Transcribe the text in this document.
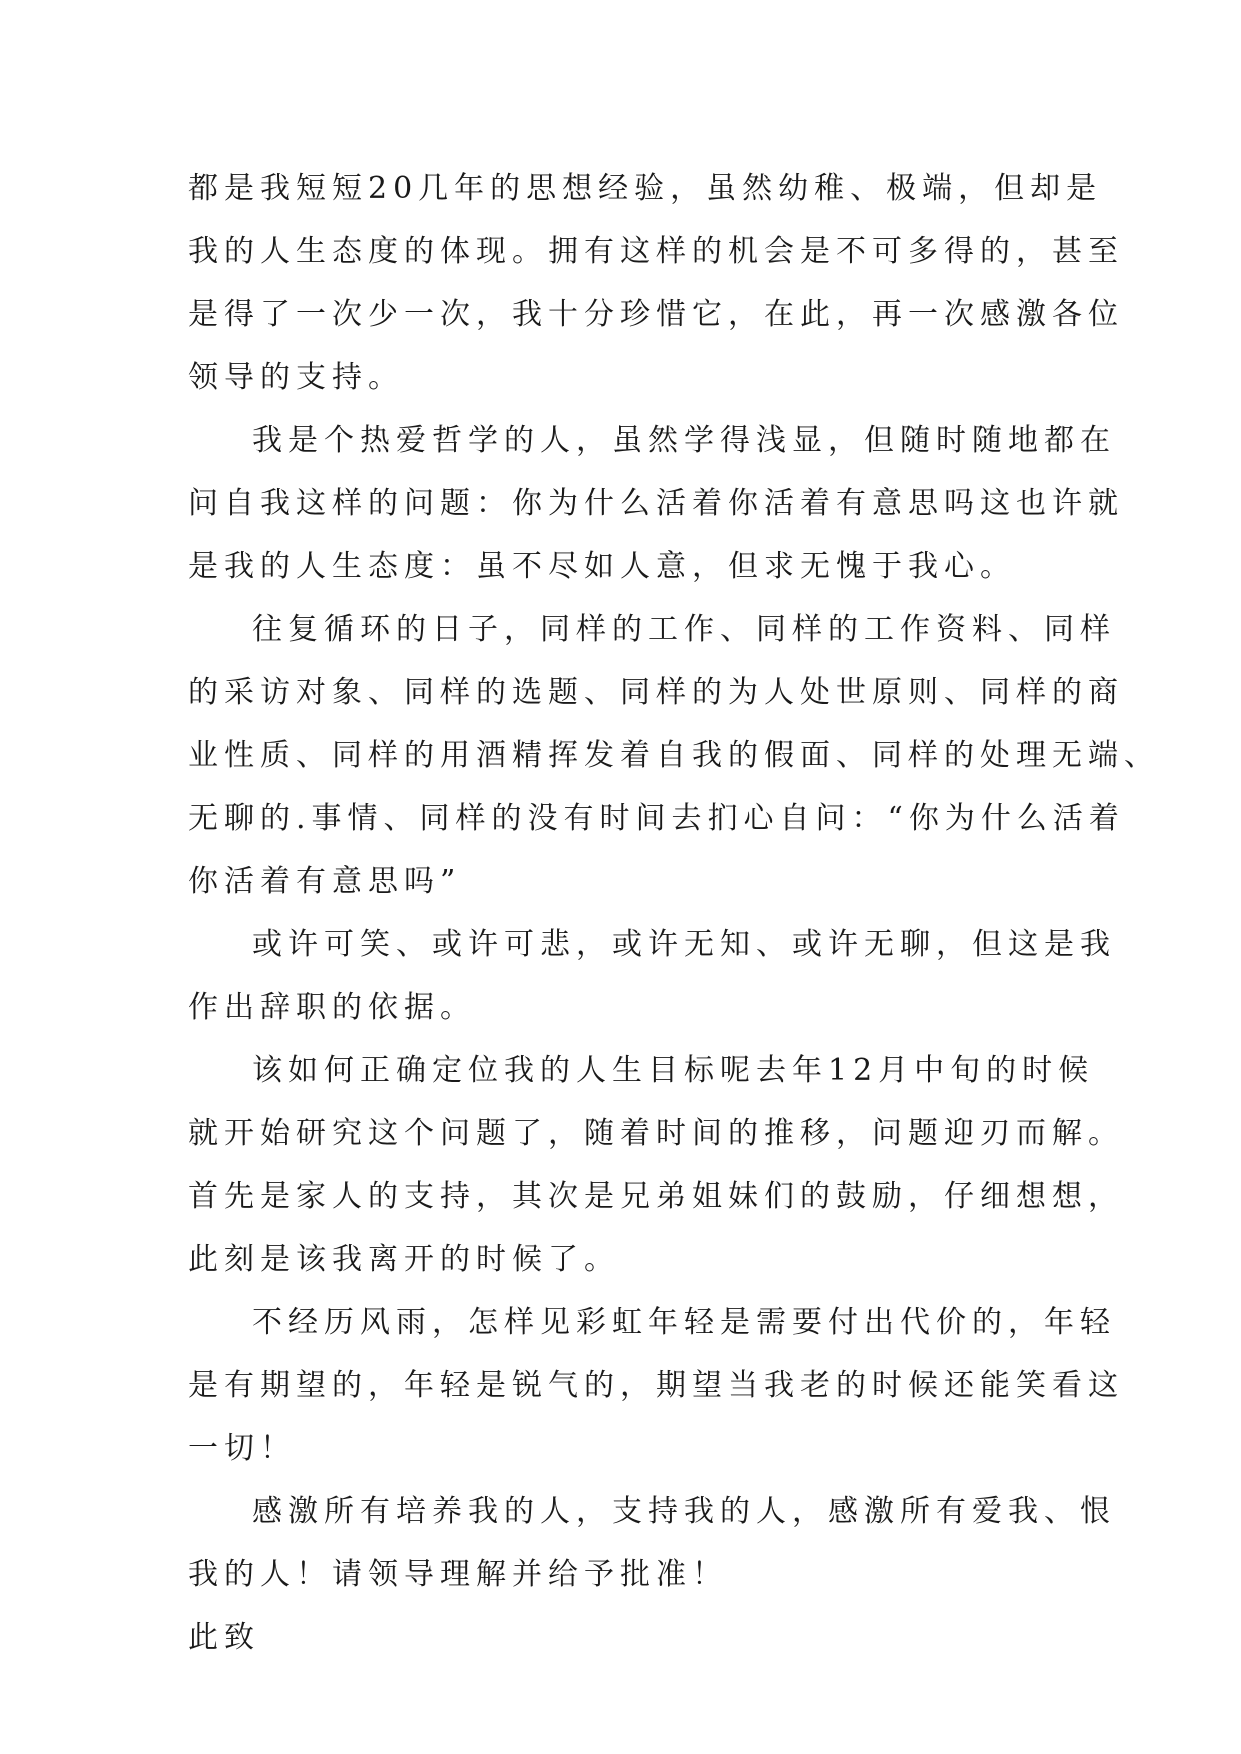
都是我短短20几年的思想经验，虽然幼稚、极端，但却是
我的人生态度的体现。拥有这样的机会是不可多得的，甚至
是得了一次少一次，我十分珍惜它，在此，再一次感激各位
领导的支持。
我是个热爱哲学的人，虽然学得浅显，但随时随地都在
问自我这样的问题：你为什么活着你活着有意思吗这也许就
是我的人生态度：虽不尽如人意，但求无愧于我心。
往复循环的日子，同样的工作、同样的工作资料、同样
的采访对象、同样的选题、同样的为人处世原则、同样的商
业性质、同样的用酒精挥发着自我的假面、同样的处理无端、
无聊的.事情、同样的没有时间去扪心自问：“你为什么活着
你活着有意思吗”
或许可笑、或许可悲，或许无知、或许无聊，但这是我
作出辞职的依据。
该如何正确定位我的人生目标呢去年12月中旬的时候
就开始研究这个问题了，随着时间的推移，问题迎刃而解。
首先是家人的支持，其次是兄弟姐妹们的鼓励，仔细想想，
此刻是该我离开的时候了。
不经历风雨，怎样见彩虹年轻是需要付出代价的，年轻
是有期望的，年轻是锐气的，期望当我老的时候还能笑看这
一切！
感激所有培养我的人，支持我的人，感激所有爱我、恨
我的人！请领导理解并给予批准！
此致
